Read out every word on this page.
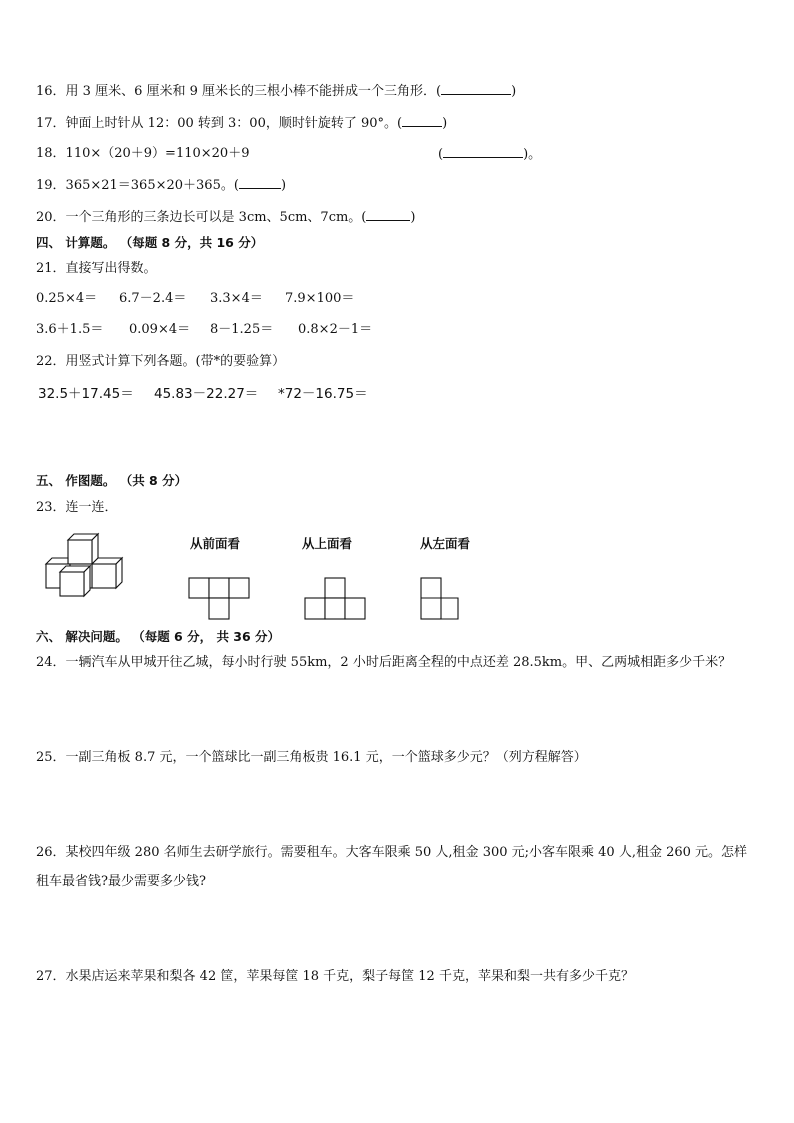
16．用 3 厘米、6 厘米和 9 厘米长的三根小棒不能拼成一个三角形．(	)
17．钟面上时针从 12：00 转到 3：00，顺时针旋转了 90°。(	)
18．110×（20＋9）=110×20＋9	(	)。
19．365×21＝365×20＋365。(	)
20．一个三角形的三条边长可以是 3cm、5cm、7cm。(	)
四、 计算题。 （每题 8 分，共 16 分）
21．直接写出得数。
0.25×4＝ 6.7－2.4＝ 3.3×4＝ 7.9×100＝
3.6＋1.5＝ 0.09×4＝ 8－1.25＝ 0.8×2－1＝
22．用竖式计算下列各题。(带*的要验算）
32.5＋17.45＝ 45.83－22.27＝ *72－16.75＝
五、 作图题。 （共 8 分）
23．连一连．
从前面看	从上面看	从左面看
六、 解决问题。 （每题 6 分， 共 36 分）
24．一辆汽车从甲城开往乙城，每小时行驶 55km，2 小时后距离全程的中点还差 28.5km。甲、乙两城相距多少千米？
25．一副三角板 8.7 元，一个篮球比一副三角板贵 16.1 元，一个篮球多少元？（列方程解答）
26．某校四年级 280 名师生去研学旅行。需要租车。大客车限乘 50 人,租金 300 元;小客车限乘 40 人,租金 260 元。怎样
租车最省钱?最少需要多少钱?
27．水果店运来苹果和梨各 42 筐，苹果每筐 18 千克，梨子每筐 12 千克，苹果和梨一共有多少千克？
